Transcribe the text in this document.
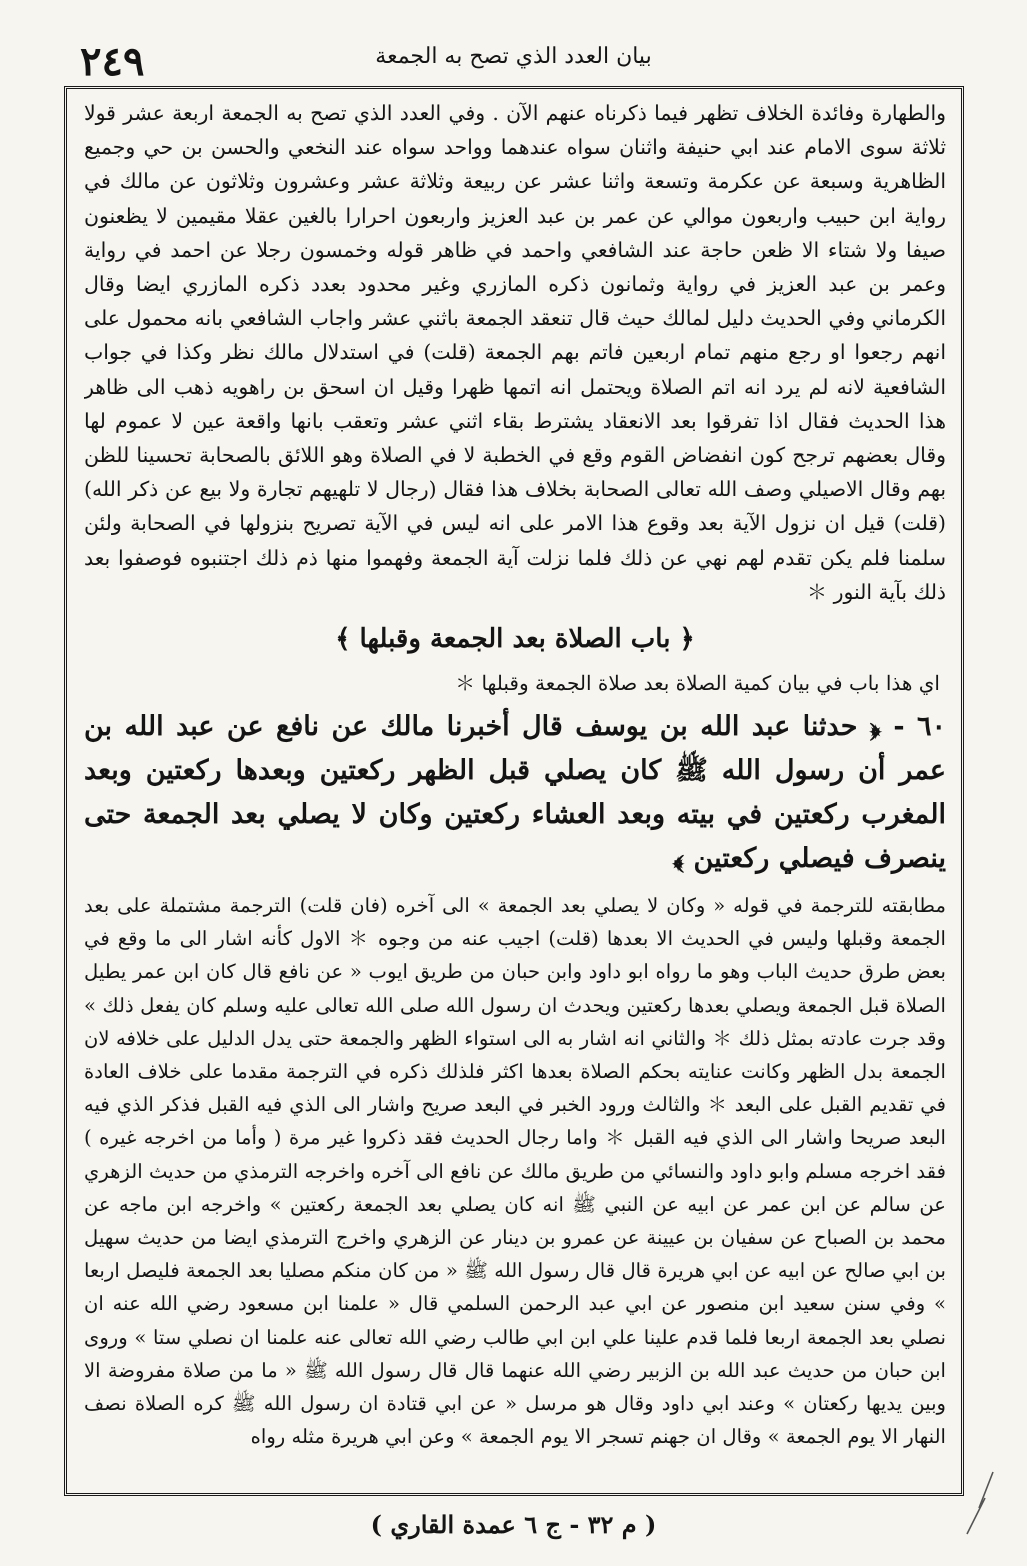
٢٤٩	بيان العدد الذي تصح به الجمعة

والطهارة وفائدة الخلاف تظهر فيما ذكرناه عنهم الآن . وفي العدد الذي تصح به الجمعة اربعة عشر قولا ثلاثة سوى الامام عند ابي حنيفة واثنان سواه عندهما وواحد سواه عند النخعي والحسن بن حي وجميع الظاهرية وسبعة عن عكرمة وتسعة واثنا عشر عن ربيعة وثلاثة عشر وعشرون وثلاثون عن مالك في رواية ابن حبيب واربعون موالي عن عمر بن عبد العزيز واربعون احرارا بالغين عقلا مقيمين لا يظعنون صيفا ولا شتاء الا ظعن حاجة عند الشافعي واحمد في ظاهر قوله وخمسون رجلا عن احمد في رواية وعمر بن عبد العزيز في رواية وثمانون ذكره المازري وغير محدود بعدد ذكره المازري ايضا وقال الكرماني وفي الحديث دليل لمالك حيث قال تنعقد الجمعة باثني عشر واجاب الشافعي بانه محمول على انهم رجعوا او رجع منهم تمام اربعين فاتم بهم الجمعة (قلت) في استدلال مالك نظر وكذا في جواب الشافعية لانه لم يرد انه اتم الصلاة ويحتمل انه اتمها ظهرا وقيل ان اسحق بن راهويه ذهب الى ظاهر هذا الحديث فقال اذا تفرقوا بعد الانعقاد يشترط بقاء اثني عشر وتعقب بانها واقعة عين لا عموم لها وقال بعضهم ترجح كون انفضاض القوم وقع في الخطبة لا في الصلاة وهو اللائق بالصحابة تحسينا للظن بهم وقال الاصيلي وصف الله تعالى الصحابة بخلاف هذا فقال (رجال لا تلهيهم تجارة ولا بيع عن ذكر الله) (قلت) قيل ان نزول الآية بعد وقوع هذا الامر على انه ليس في الآية تصريح بنزولها في الصحابة ولئن سلمنا فلم يكن تقدم لهم نهي عن ذلك فلما نزلت آية الجمعة وفهموا منها ذم ذلك اجتنبوه فوصفوا بعد ذلك بآية النور ＊

﴿ باب الصلاة بعد الجمعة وقبلها ﴾

اي هذا باب في بيان كمية الصلاة بعد صلاة الجمعة وقبلها ＊

٦٠ - ﴿ حدثنا عبد الله بن يوسف قال أخبرنا مالك عن نافع عن عبد الله بن عمر أن رسول الله ﷺ كان يصلي قبل الظهر ركعتين وبعدها ركعتين وبعد المغرب ركعتين في بيته وبعد العشاء ركعتين وكان لا يصلي بعد الجمعة حتى ينصرف فيصلي ركعتين ﴾

مطابقته للترجمة في قوله « وكان لا يصلي بعد الجمعة » الى آخره (فان قلت) الترجمة مشتملة على بعد الجمعة وقبلها وليس في الحديث الا بعدها (قلت) اجيب عنه من وجوه ＊ الاول كأنه اشار الى ما وقع في بعض طرق حديث الباب وهو ما رواه ابو داود وابن حبان من طريق ايوب « عن نافع قال كان ابن عمر يطيل الصلاة قبل الجمعة ويصلي بعدها ركعتين ويحدث ان رسول الله صلى الله تعالى عليه وسلم كان يفعل ذلك » وقد جرت عادته بمثل ذلك ＊ والثاني انه اشار به الى استواء الظهر والجمعة حتى يدل الدليل على خلافه لان الجمعة بدل الظهر وكانت عنايته بحكم الصلاة بعدها اكثر فلذلك ذكره في الترجمة مقدما على خلاف العادة في تقديم القبل على البعد ＊ والثالث ورود الخبر في البعد صريح واشار الى الذي فيه القبل فذكر الذي فيه البعد صريحا واشار الى الذي فيه القبل ＊ واما رجال الحديث فقد ذكروا غير مرة ( وأما من اخرجه غيره ) فقد اخرجه مسلم وابو داود والنسائي من طريق مالك عن نافع الى آخره واخرجه الترمذي من حديث الزهري عن سالم عن ابن عمر عن ابيه عن النبي ﷺ انه كان يصلي بعد الجمعة ركعتين » واخرجه ابن ماجه عن محمد بن الصباح عن سفيان بن عيينة عن عمرو بن دينار عن الزهري واخرج الترمذي ايضا من حديث سهيل بن ابي صالح عن ابيه عن ابي هريرة قال قال رسول الله ﷺ « من كان منكم مصليا بعد الجمعة فليصل اربعا » وفي سنن سعيد ابن منصور عن ابي عبد الرحمن السلمي قال « علمنا ابن مسعود رضي الله عنه ان نصلي بعد الجمعة اربعا فلما قدم علينا علي ابن ابي طالب رضي الله تعالى عنه علمنا ان نصلي ستا » وروى ابن حبان من حديث عبد الله بن الزبير رضي الله عنهما قال قال رسول الله ﷺ « ما من صلاة مفروضة الا وبين يديها ركعتان » وعند ابي داود وقال هو مرسل « عن ابي قتادة ان رسول الله ﷺ كره الصلاة نصف النهار الا يوم الجمعة » وقال ان جهنم تسجر الا يوم الجمعة » وعن ابي هريرة مثله رواه

( م ٣٢ - ج ٦ عمدة القاري )
